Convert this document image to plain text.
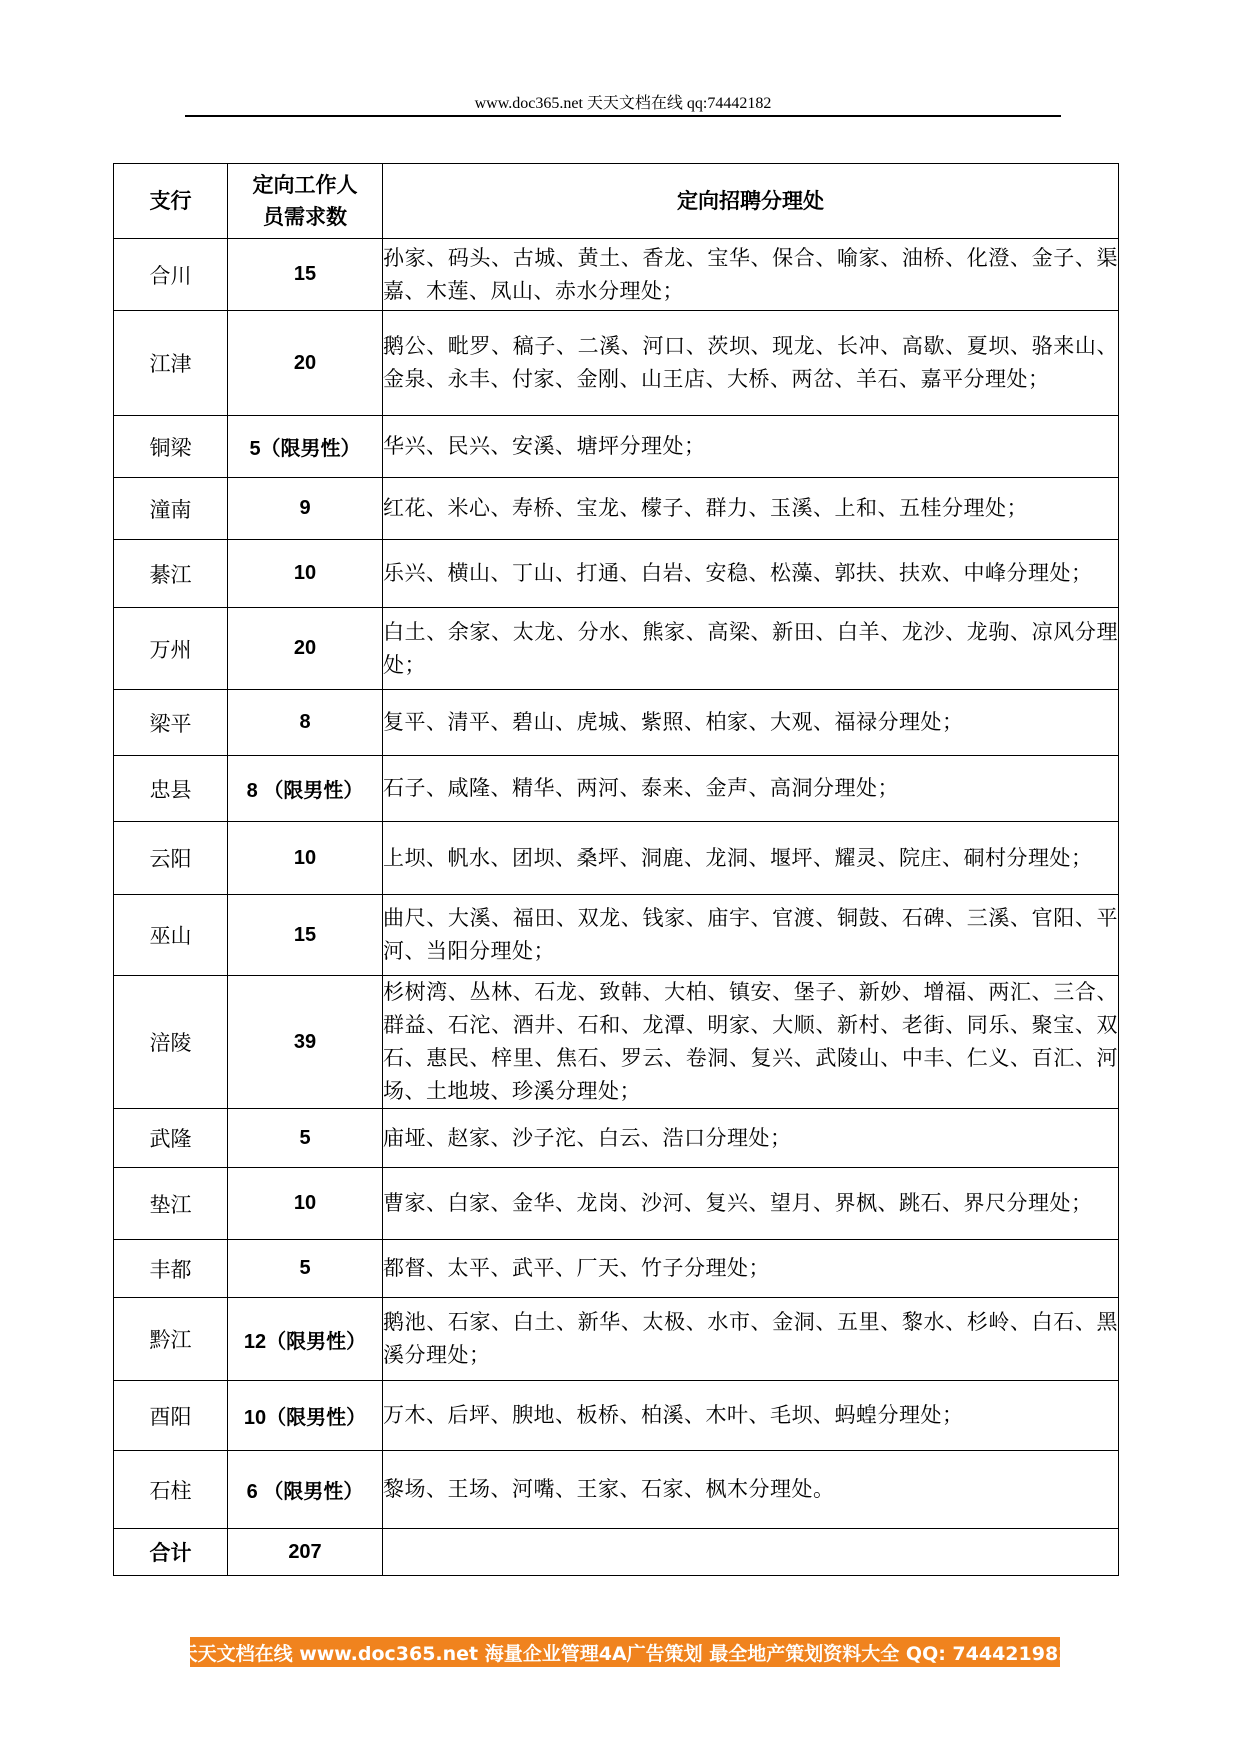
www.doc365.net 天天文档在线 qq:74442182
支行	定向工作人员需求数	定向招聘分理处
合川	15	孙家、码头、古城、黄土、香龙、宝华、保合、喻家、油桥、化澄、金子、渠嘉、木莲、凤山、赤水分理处；
江津	20	鹅公、毗罗、稿子、二溪、河口、茨坝、现龙、长冲、高歇、夏坝、骆来山、金泉、永丰、付家、金刚、山王店、大桥、两岔、羊石、嘉平分理处；
铜梁	5（限男性）	华兴、民兴、安溪、塘坪分理处；
潼南	9	红花、米心、寿桥、宝龙、檬子、群力、玉溪、上和、五桂分理处；
綦江	10	乐兴、横山、丁山、打通、白岩、安稳、松藻、郭扶、扶欢、中峰分理处；
万州	20	白土、余家、太龙、分水、熊家、高梁、新田、白羊、龙沙、龙驹、凉风分理处；
梁平	8	复平、清平、碧山、虎城、紫照、柏家、大观、福禄分理处；
忠县	8 （限男性）	石子、咸隆、精华、两河、泰来、金声、高洞分理处；
云阳	10	上坝、帆水、团坝、桑坪、洞鹿、龙洞、堰坪、耀灵、院庄、硐村分理处；
巫山	15	曲尺、大溪、福田、双龙、钱家、庙宇、官渡、铜鼓、石碑、三溪、官阳、平河、当阳分理处；
涪陵	39	杉树湾、丛林、石龙、致韩、大柏、镇安、堡子、新妙、增福、两汇、三合、群益、石沱、酒井、石和、龙潭、明家、大顺、新村、老街、同乐、聚宝、双石、惠民、梓里、焦石、罗云、卷洞、复兴、武陵山、中丰、仁义、百汇、河场、土地坡、珍溪分理处；
武隆	5	庙垭、赵家、沙子沱、白云、浩口分理处；
垫江	10	曹家、白家、金华、龙岗、沙河、复兴、望月、界枫、跳石、界尺分理处；
丰都	5	都督、太平、武平、厂天、竹子分理处；
黔江	12（限男性）	鹅池、石家、白土、新华、太极、水市、金洞、五里、黎水、杉岭、白石、黑溪分理处；
酉阳	10（限男性）	万木、后坪、腴地、板桥、柏溪、木叶、毛坝、蚂蝗分理处；
石柱	6 （限男性）	黎场、王场、河嘴、王家、石家、枫木分理处。
合计	207	
天天文档在线 www.doc365.net 海量企业管理4A广告策划 最全地产策划资料大全 QQ: 744421982
